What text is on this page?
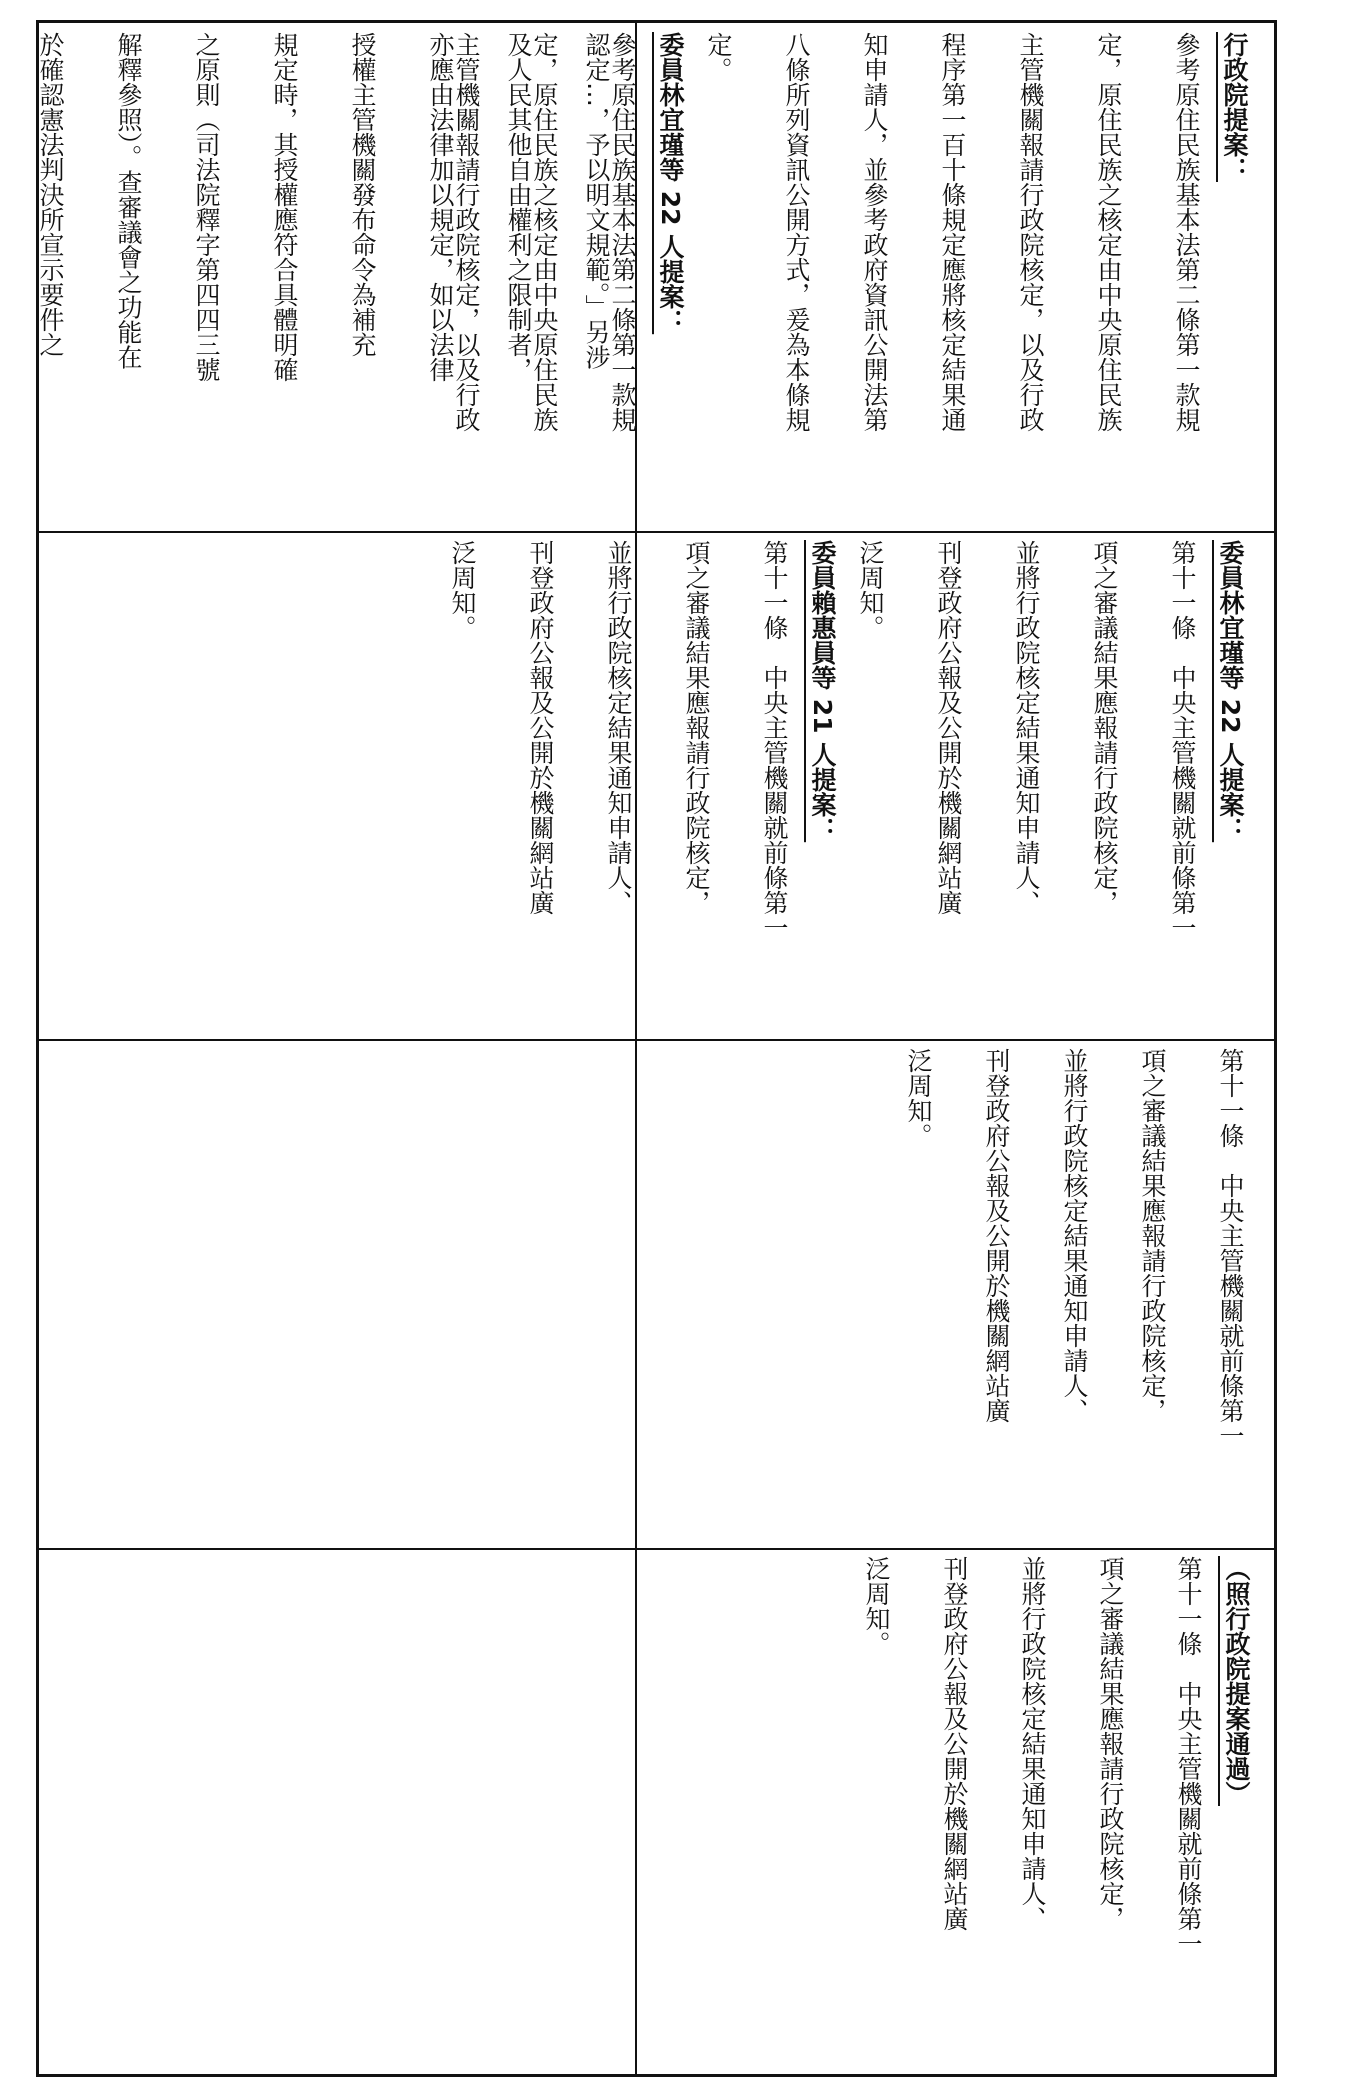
認定…，予以明文規範。」另涉

及人民其他自由權利之限制者，

亦應由法律加以規定，如以法律

授權主管機關發布命令為補充

規定時，其授權應符合具體明確

之原則（司法院釋字第四四三號

解釋參照）。查審議會之功能在

於確認憲法判決所宣示要件之	行政院提案：

參考原住民族基本法第二條第一款規

定，原住民族之核定由中央原住民族

主管機關報請行政院核定，以及行政

程序第一百十條規定應將核定結果通

知申請人，並參考政府資訊公開法第

八條所列資訊公開方式，爰為本條規

定。

委員林宜瑾等 22 人提案：

參考原住民族基本法第二條第一款規

定，原住民族之核定由中央原住民族

主管機關報請行政院核定，以及行政

委員林宜瑾等 22 人提案：

第十一條　中央主管機關就前條第一

項之審議結果應報請行政院核定，

並將行政院核定結果通知申請人、

刊登政府公報及公開於機關網站廣

泛周知。

委員賴惠員等 21 人提案：

第十一條　中央主管機關就前條第一

項之審議結果應報請行政院核定，

並將行政院核定結果通知申請人、

刊登政府公報及公開於機關網站廣

泛周知。

第十一條　中央主管機關就前條第一

項之審議結果應報請行政院核定，

並將行政院核定結果通知申請人、

刊登政府公報及公開於機關網站廣

泛周知。

（照行政院提案通過）

第十一條　中央主管機關就前條第一

項之審議結果應報請行政院核定，

並將行政院核定結果通知申請人、

刊登政府公報及公開於機關網站廣

泛周知。
